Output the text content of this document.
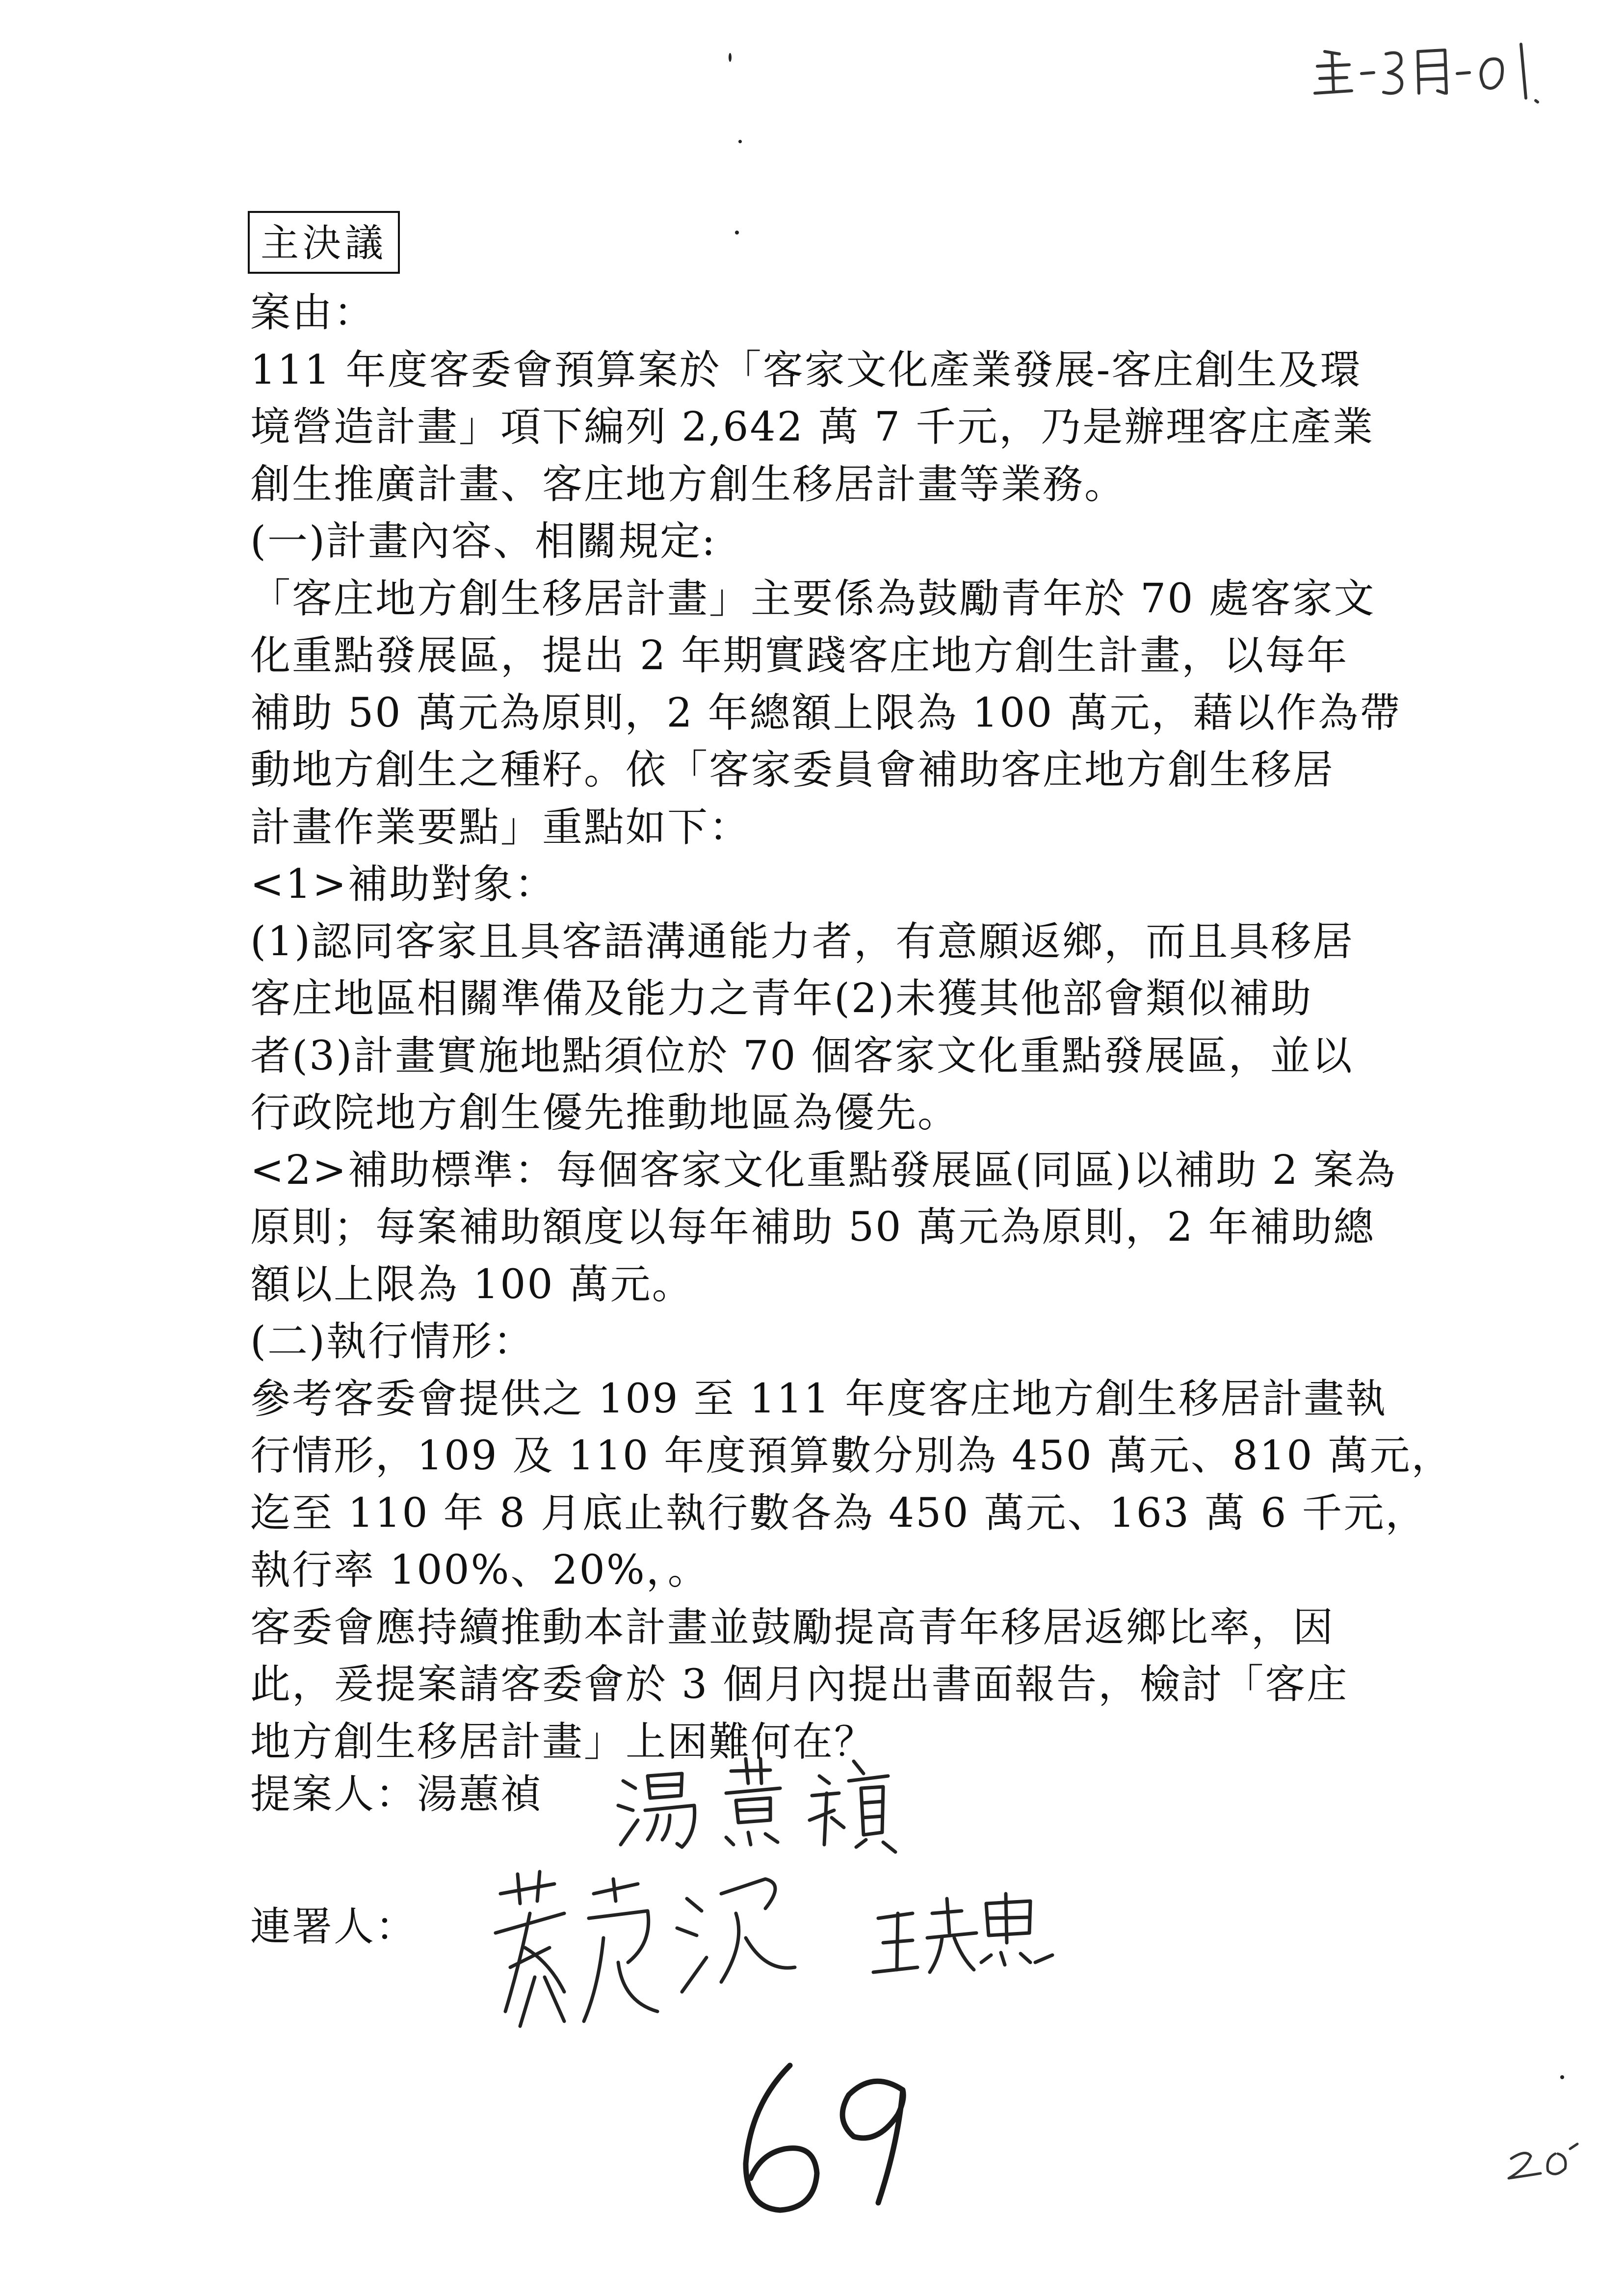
主決議
案由：
111 年度客委會預算案於「客家文化產業發展-客庄創生及環
境營造計畫」項下編列 2,642 萬 7 千元，乃是辦理客庄產業
創生推廣計畫、客庄地方創生移居計畫等業務。
(一)計畫內容、相關規定:
「客庄地方創生移居計畫」主要係為鼓勵青年於 70 處客家文
化重點發展區，提出 2 年期實踐客庄地方創生計畫，以每年
補助 50 萬元為原則，2 年總額上限為 100 萬元，藉以作為帶
動地方創生之種籽。依「客家委員會補助客庄地方創生移居
計畫作業要點」重點如下：
<1>補助對象：
(1)認同客家且具客語溝通能力者，有意願返鄉，而且具移居
客庄地區相關準備及能力之青年(2)未獲其他部會類似補助
者(3)計畫實施地點須位於 70 個客家文化重點發展區，並以
行政院地方創生優先推動地區為優先。
<2>補助標準：每個客家文化重點發展區(同區)以補助 2 案為
原則；每案補助額度以每年補助 50 萬元為原則，2 年補助總
額以上限為 100 萬元。
(二)執行情形：
參考客委會提供之 109 至 111 年度客庄地方創生移居計畫執
行情形，109 及 110 年度預算數分別為 450 萬元、810 萬元，
迄至 110 年 8 月底止執行數各為 450 萬元、163 萬 6 千元，
執行率 100%、20%，。
客委會應持續推動本計畫並鼓勵提高青年移居返鄉比率，因
此，爰提案請客委會於 3 個月內提出書面報告，檢討「客庄
地方創生移居計畫」上困難何在？
提案人：湯蕙禎
連署人：
